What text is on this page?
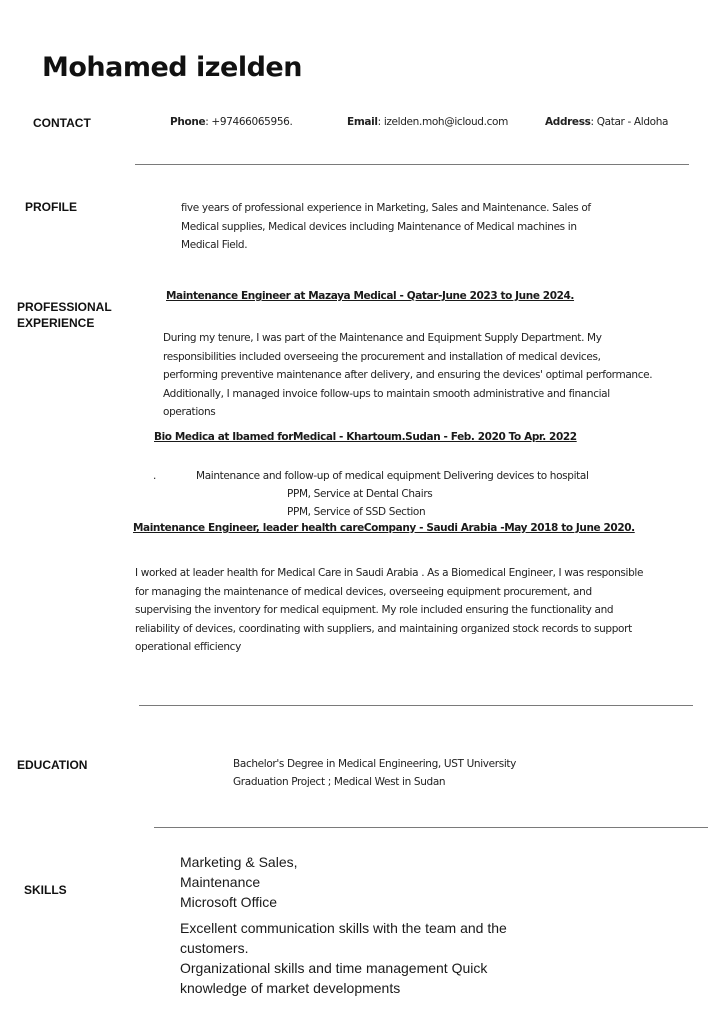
Mohamed izelden
CONTACT	Phone: +97466065956.	Email: izelden.moh@icloud.com	Address: Qatar - Aldoha
PROFILE	five years of professional experience in Marketing, Sales and Maintenance. Sales of
Medical supplies, Medical devices including Maintenance of Medical machines in
Medical Field.
PROFESSIONAL
EXPERIENCE
Maintenance Engineer at Mazaya Medical - Qatar-June 2023 to June 2024.
During my tenure, I was part of the Maintenance and Equipment Supply Department. My
responsibilities included overseeing the procurement and installation of medical devices,
performing preventive maintenance after delivery, and ensuring the devices' optimal performance.
Additionally, I managed invoice follow-ups to maintain smooth administrative and financial
operations
Bio Medica at Ibamed forMedical - Khartoum.Sudan - Feb. 2020 To Apr. 2022
.	Maintenance and follow-up of medical equipment Delivering devices to hospital
PPM, Service at Dental Chairs
PPM, Service of SSD Section
Maintenance Engineer, leader health careCompany - Saudi Arabia -May 2018 to June 2020.
I worked at leader health for Medical Care in Saudi Arabia . As a Biomedical Engineer, I was responsible
for managing the maintenance of medical devices, overseeing equipment procurement, and
supervising the inventory for medical equipment. My role included ensuring the functionality and
reliability of devices, coordinating with suppliers, and maintaining organized stock records to support
operational efficiency
EDUCATION	Bachelor's Degree in Medical Engineering, UST University
Graduation Project ; Medical West in Sudan
SKILLS
Marketing & Sales,
Maintenance
Microsoft Office
Excellent communication skills with the team and the
customers.
Organizational skills and time management Quick
knowledge of market developments
